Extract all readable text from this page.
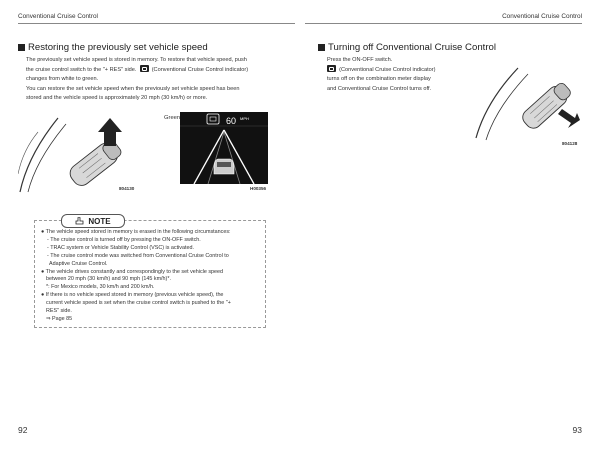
Conventional Cruise Control	Conventional Cruise Control
Restoring the previously set vehicle speed

The previously set vehicle speed is stored in memory. To restore that vehicle speed, push

the cruise control switch to the "+ RES" side.	(Conventional Cruise Control indicator)

changes from white to green.

You can restore the set vehicle speed when the previously set vehicle speed has been

stored and the vehicle speed is approximately 20 mph (30 km/h) or more.

804130
Green	60 MPH
H00356
NOTE
● The vehicle speed stored in memory is erased in the following circumstances:
- The cruise control is turned off by pressing the ON-OFF switch.
- TRAC system or Vehicle Stability Control (VSC) is activated.
- The cruise control mode was switched from Conventional Cruise Control to
Adaptive Cruise Control.
● The vehicle drives constantly and correspondingly to the set vehicle speed
between 20 mph (30 km/h) and 90 mph (145 km/h)*.
*: For Mexico models, 30 km/h and 200 km/h.
● If there is no vehicle speed stored in memory (previous vehicle speed), the
current vehicle speed is set when the cruise control switch is pushed to the "+
RES" side.
⇒ Page 85
92
Turning off Conventional Cruise Control

Press the ON-OFF switch.

(Conventional Cruise Control indicator)

turns off on the combination meter display

and Conventional Cruise Control turns off.

804128
93
